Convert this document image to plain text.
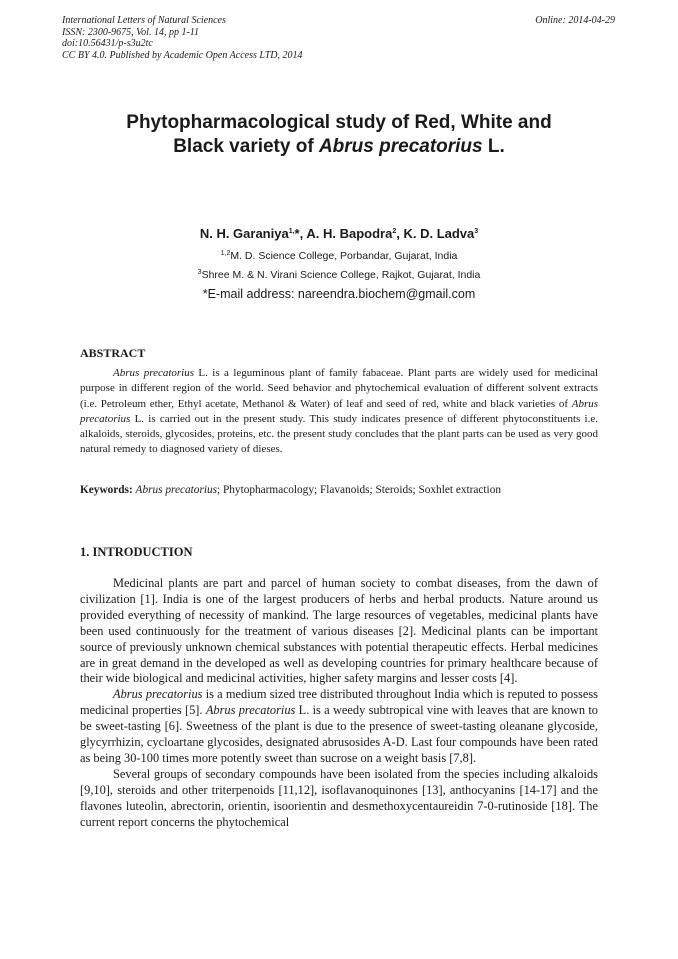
International Letters of Natural Sciences
ISSN: 2300-9675, Vol. 14, pp 1-11
doi:10.56431/p-s3u2tc
CC BY 4.0. Published by Academic Open Access LTD, 2014
Online: 2014-04-29
Phytopharmacological study of Red, White and
Black variety of Abrus precatorius L.
N. H. Garaniya$^{1,}$*, A. H. Bapodra$^2$, K. D. Ladva$^3$
$^{1,2}$M. D. Science College, Porbandar, Gujarat, India
$^3$Shree M. & N. Virani Science College, Rajkot, Gujarat, India
*E-mail address: nareendra.biochem@gmail.com
ABSTRACT

Abrus precatorius L. is a leguminous plant of family fabaceae. Plant parts are widely used for medicinal purpose in different region of the world. Seed behavior and phytochemical evaluation of different solvent extracts (i.e. Petroleum ether, Ethyl acetate, Methanol & Water) of leaf and seed of red, white and black varieties of Abrus precatorius L. is carried out in the present study. This study indicates presence of different phytoconstituents i.e. alkaloids, steroids, glycosides, proteins, etc. the present study concludes that the plant parts can be used as very good natural remedy to diagnosed variety of dieses.

Keywords: Abrus precatorius; Phytopharmacology; Flavanoids; Steroids; Soxhlet extraction
1. INTRODUCTION

Medicinal plants are part and parcel of human society to combat diseases, from the dawn of civilization [1]. India is one of the largest producers of herbs and herbal products. Nature around us provided everything of necessity of mankind. The large resources of vegetables, medicinal plants have been used continuously for the treatment of various diseases [2]. Medicinal plants can be important source of previously unknown chemical substances with potential therapeutic effects. Herbal medicines are in great demand in the developed as well as developing countries for primary healthcare because of their wide biological and medicinal activities, higher safety margins and lesser costs [4].

Abrus precatorius is a medium sized tree distributed throughout India which is reputed to possess medicinal properties [5]. Abrus precatorius L. is a weedy subtropical vine with leaves that are known to be sweet-tasting [6]. Sweetness of the plant is due to the presence of sweet-tasting oleanane glycoside, glycyrrhizin, cycloartane glycosides, designated abrusosides A-D. Last four compounds have been rated as being 30-100 times more potently sweet than sucrose on a weight basis [7,8].

Several groups of secondary compounds have been isolated from the species including alkaloids [9,10], steroids and other triterpenoids [11,12], isoflavanoquinones [13], anthocyanins [14-17] and the flavones luteolin, abrectorin, orientin, isoorientin and desmethoxycentaureidin 7-0-rutinoside [18]. The current report concerns the phytochemical
